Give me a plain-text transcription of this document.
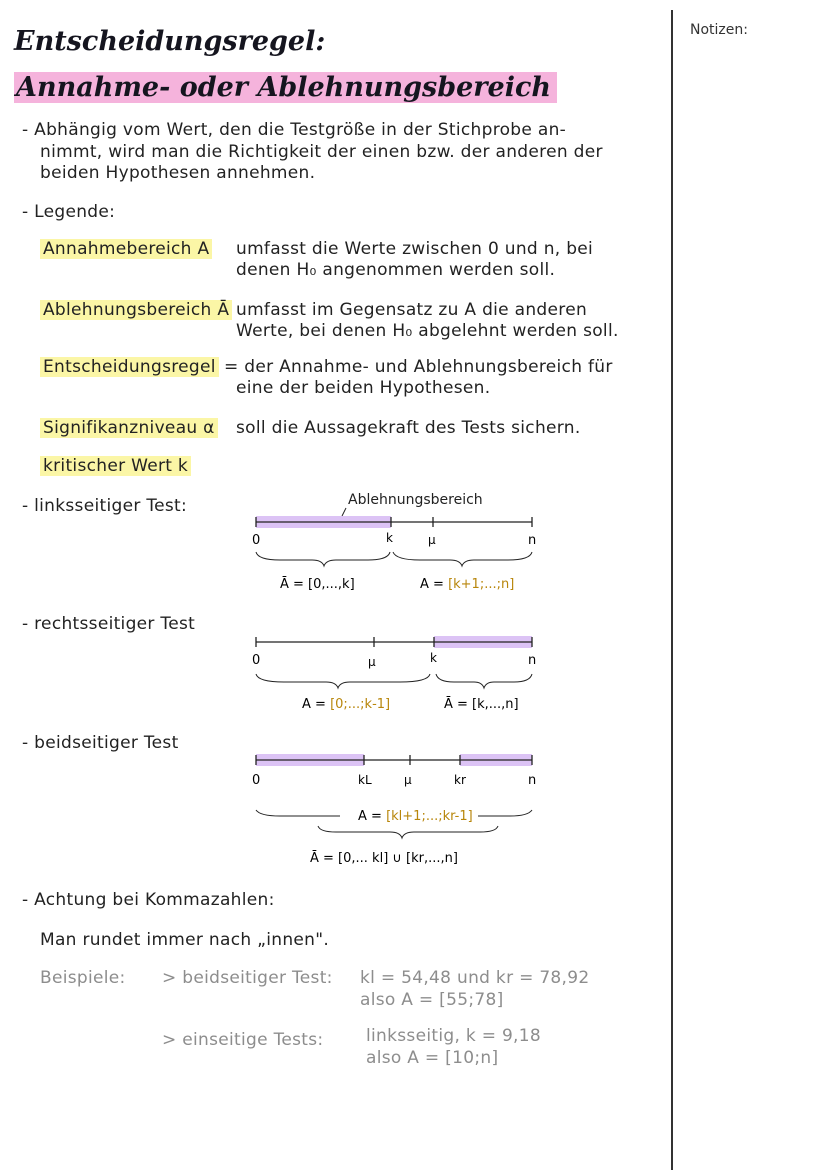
Notizen:
Entscheidungsregel:
Annahme- oder Ablehnungsbereich
- Abhängig vom Wert, den die Testgröße in der Stichprobe an-
nimmt, wird man die Richtigkeit der einen bzw. der anderen der
beiden Hypothesen annehmen.
- Legende:
Annahmebereich A umfasst die Werte zwischen 0 und n, bei
denen H₀ angenommen werden soll.
Ablehnungsbereich Ā umfasst im Gegensatz zu A die anderen
Werte, bei denen H₀ abgelehnt werden soll.
Entscheidungsregel = der Annahme- und Ablehnungsbereich für
eine der beiden Hypothesen.
Signifikanzniveau α soll die Aussagekraft des Tests sichern.
kritischer Wert k
- linksseitiger Test:	Ablehnungsbereich
0	k	μ	n
Ā = [0,...,k]	A = [k+1;...;n]
- rechtsseitiger Test
0	μ	k	n
A = [0;...;k-1]	Ā = [k,...,n]
- beidseitiger Test
0	kL	μ	kr	n
A = [kl+1;...;kr-1]
Ā = [0,... kl] ∪ [kr,...,n]
- Achtung bei Kommazahlen:
Man rundet immer nach „innen".
Beispiele: > beidseitiger Test: kl = 54,48 und kr = 78,92
also A = [55;78]
> einseitige Tests:	linksseitig, k = 9,18
also A = [10;n]
